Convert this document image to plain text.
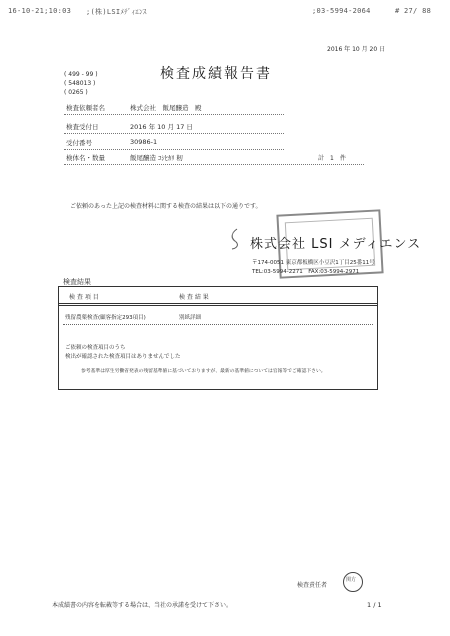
16-10-21;10:03 ;(株)LSIﾒﾃﾞｨｴﾝｽ	;03-5994-2064	# 27/ 88
2016 年 10 月 20 日
( 499 - 99 )
( 548013 )
( 0265 )
検査成績報告書
検査依頼者名	株式会社　飯尾醸造　殿
検査受付日	2016 年 10 月 17 日
受付番号	30986-1
検体名・数量	飯尾醸造 ｺｼﾋｶﾘ 籾	計　1　件
ご依頼のあった上記の検査材料に関する検査の結果は以下の通りです。
株式会社 LSI メディエンス
〒174-0051 東京都板橋区小豆沢1丁目25番11号
TEL:03-5994-2271　FAX:03-5994-2971
検査結果
検 査 項 目	検 査 結 果
残留農薬検査(顧客指定293項目)	別紙詳細
ご依頼の検査項目のうち
検出が確認された検査項目はありませんでした
参考基準は厚生労働省発表の残留基準値に基づいておりますが、最新の基準値については官報等でご確認下さい。
検査責任者
関方
本成績書の内容を転載等する場合は、当社の承諾を受けて下さい。	1 / 1
